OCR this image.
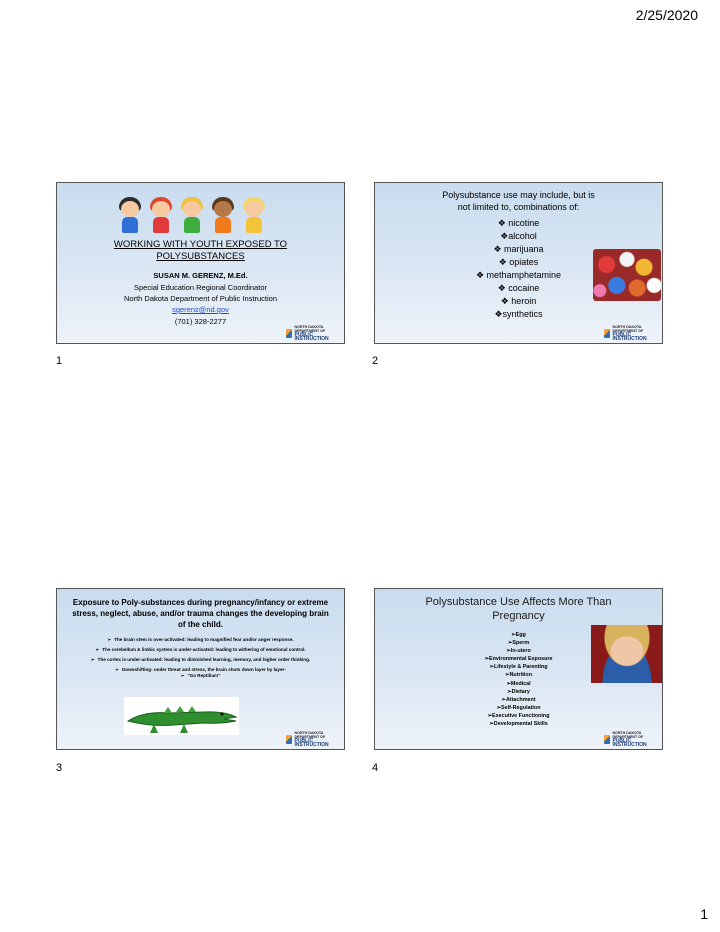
2/25/2020
WORKING WITH YOUTH EXPOSED TO
POLYSUBSTANCES
SUSAN M. GERENZ, M.Ed.
Special Education Regional Coordinator
North Dakota Department of Public Instruction
sgerenz@nd.gov
(701) 328-2277
NORTH DAKOTA DEPARTMENT OF
PUBLIC INSTRUCTION
1
Polysubstance use may include, but is
not limited to, combinations of:
❖ nicotine
❖alcohol
❖ marijuana
❖ opiates
❖ methamphetamine
❖ cocaine
❖ heroin
❖synthetics
NORTH DAKOTA DEPARTMENT OF
PUBLIC INSTRUCTION
2
Exposure to Poly-substances during pregnancy/infancy or extreme
stress, neglect, abuse, and/or trauma changes the developing brain
of the child.
➢ The brain stem is over-activated: leading to magnified fear and/or anger response.
➢ The cerebellum & limbic system is under-activated: leading to withering of emotional control.
➢ The cortex is under-activated: leading to diminished learning, memory, and higher order thinking.
➢ Downshifting- under threat and stress, the brain shuts down layer by layer-
➢ "Go Reptilian!"
NORTH DAKOTA DEPARTMENT OF
PUBLIC INSTRUCTION
3
Polysubstance Use Affects More Than
Pregnancy
➢Egg
➢Sperm
➢In-utero
➢Environmental Exposure
➢Lifestyle & Parenting
➢Nutrition
➢Medical
➢Dietary
➢Attachment
➢Self-Regulation
➢Executive Functioning
➢Developmental Skills
NORTH DAKOTA DEPARTMENT OF
PUBLIC INSTRUCTION
4
1
